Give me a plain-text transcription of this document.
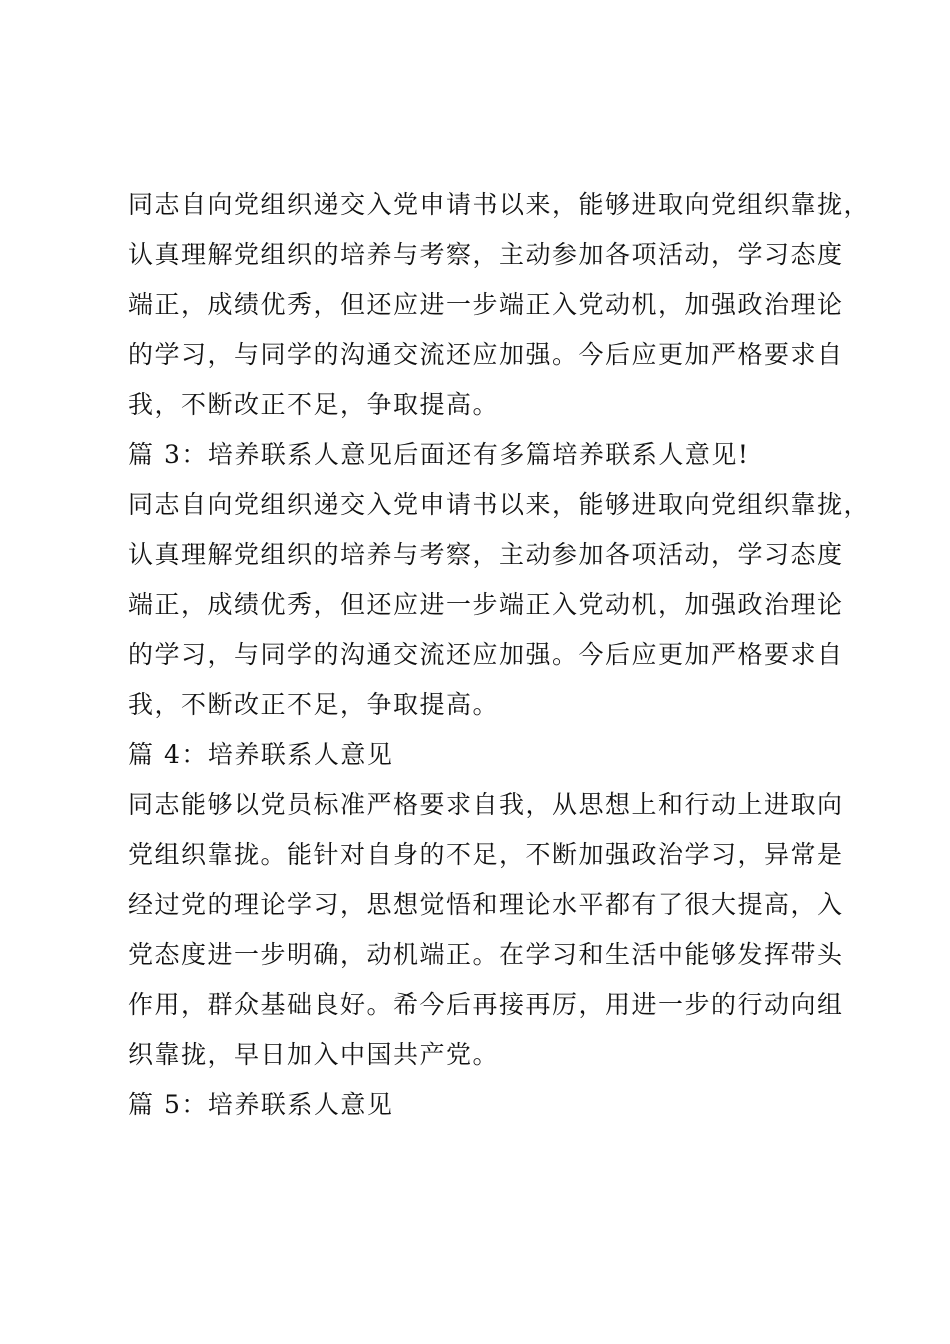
同志自向党组织递交入党申请书以来，能够进取向党组织靠拢，
认真理解党组织的培养与考察，主动参加各项活动，学习态度
端正，成绩优秀，但还应进一步端正入党动机，加强政治理论
的学习，与同学的沟通交流还应加强。今后应更加严格要求自
我，不断改正不足，争取提高。
篇 3：培养联系人意见后面还有多篇培养联系人意见!
同志自向党组织递交入党申请书以来，能够进取向党组织靠拢，
认真理解党组织的培养与考察，主动参加各项活动，学习态度
端正，成绩优秀，但还应进一步端正入党动机，加强政治理论
的学习，与同学的沟通交流还应加强。今后应更加严格要求自
我，不断改正不足，争取提高。
篇 4：培养联系人意见
同志能够以党员标准严格要求自我，从思想上和行动上进取向
党组织靠拢。能针对自身的不足，不断加强政治学习，异常是
经过党的理论学习，思想觉悟和理论水平都有了很大提高，入
党态度进一步明确，动机端正。在学习和生活中能够发挥带头
作用，群众基础良好。希今后再接再厉，用进一步的行动向组
织靠拢，早日加入中国共产党。
篇 5：培养联系人意见
